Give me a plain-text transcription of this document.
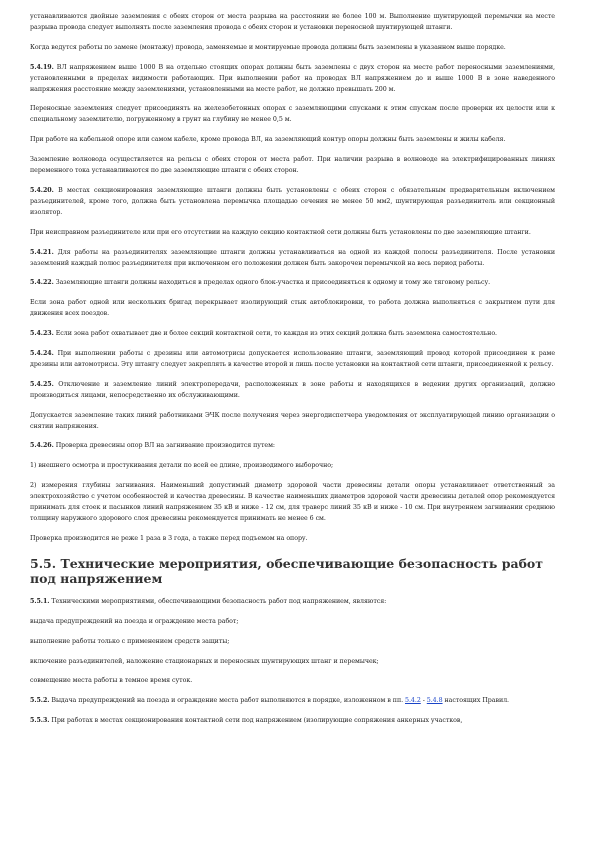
устанавливаются двойные заземления с обеих сторон от места разрыва на расстоянии не более 100 м. Выполнение шунтирующей перемычки на месте разрыва провода следует выполнять после заземления провода с обеих сторон и установки переносной шунтирующей штанги.

Когда ведутся работы по замене (монтажу) провода, заменяемые и монтируемые провода должны быть заземлены в указанном выше порядке.

5.4.19. ВЛ напряжением выше 1000 В на отдельно стоящих опорах должны быть заземлены с двух сторон на месте работ переносными заземлениями, установленными в пределах видимости работающих. При выполнении работ на проводах ВЛ напряжением до и выше 1000 В в зоне наведенного напряжения расстояние между заземлениями, установленными на месте работ, не должно превышать 200 м.

Переносные заземления следует присоединять на железобетонных опорах с заземляющими спусками к этим спускам после проверки их целости или к специальному заземлителю, погруженному в грунт на глубину не менее 0,5 м.

При работе на кабельной опоре или самом кабеле, кроме провода ВЛ, на заземляющий контур опоры должны быть заземлены и жилы кабеля.

Заземление волновода осуществляется на рельсы с обеих сторон от места работ. При наличии разрыва в волноводе на электрифицированных линиях переменного тока устанавливаются по две заземляющие штанги с обеих сторон.

5.4.20. В местах секционирования заземляющие штанги должны быть установлены с обеих сторон с обязательным предварительным включением разъединителей, кроме того, должна быть установлена перемычка площадью сечения не менее 50 мм2, шунтирующая разъединитель или секционный изолятор.

При неисправном разъединителе или при его отсутствии на каждую секцию контактной сети должны быть установлены по две заземляющие штанги.

5.4.21. Для работы на разъединителях заземляющие штанги должны устанавливаться на одной из каждой полосы разъединителя. После установки заземлений каждый полюс разъединителя при включенном его положении должен быть закорочен перемычкой на весь период работы.

5.4.22. Заземляющие штанги должны находиться в пределах одного блок-участка и присоединяться к одному и тому же тяговому рельсу.

Если зона работ одной или нескольких бригад перекрывает изолирующий стык автоблокировки, то работа должна выполняться с закрытием пути для движения всех поездов.

5.4.23. Если зона работ охватывает две и более секций контактной сети, то каждая из этих секций должна быть заземлена самостоятельно.

5.4.24. При выполнении работы с дрезины или автомотрисы допускается использование штанги, заземляющий провод которой присоединен к раме дрезины или автомотрисы. Эту штангу следует закреплять в качестве второй и лишь после установки на контактной сети штанги, присоединенной к рельсу.

5.4.25. Отключение и заземление линий электропередачи, расположенных в зоне работы и находящихся в ведении других организаций, должно производиться лицами, непосредственно их обслуживающими.

Допускается заземление таких линий работниками ЭЧК после получения через энергодиспетчера уведомления от эксплуатирующей линию организации о снятии напряжения.

5.4.26. Проверка древесины опор ВЛ на загнивание производится путем:

1) внешнего осмотра и простукивания детали по всей ее длине, производимого выборочно;

2) измерения глубины загнивания. Наименьший допустимый диаметр здоровой части древесины детали опоры устанавливает ответственный за электрохозяйство с учетом особенностей и качества древесины. В качестве наименьших диаметров здоровой части древесины деталей опор рекомендуется принимать для стоек и пасынков линий напряжением 35 кВ и ниже - 12 см, для траверс линий 35 кВ и ниже - 10 см. При внутреннем загнивании среднюю толщину наружного здорового слоя древесины рекомендуется принимать не менее 6 см.

Проверка производится не реже 1 раза в 3 года, а также перед подъемом на опору.

5.5. Технические мероприятия, обеспечивающие безопасность работ под напряжением

5.5.1. Техническими мероприятиями, обеспечивающими безопасность работ под напряжением, являются:

выдача предупреждений на поезда и ограждение места работ;

выполнение работы только с применением средств защиты;

включение разъединителей, наложение стационарных и переносных шунтирующих штанг и перемычек;

совмещение места работы в темное время суток.

5.5.2. Выдача предупреждений на поезда и ограждение места работ выполняются в порядке, изложенном в пп. 5.4.2 - 5.4.8 настоящих Правил.

5.5.3. При работах в местах секционирования контактной сети под напряжением (изолирующие сопряжения анкерных участков,
